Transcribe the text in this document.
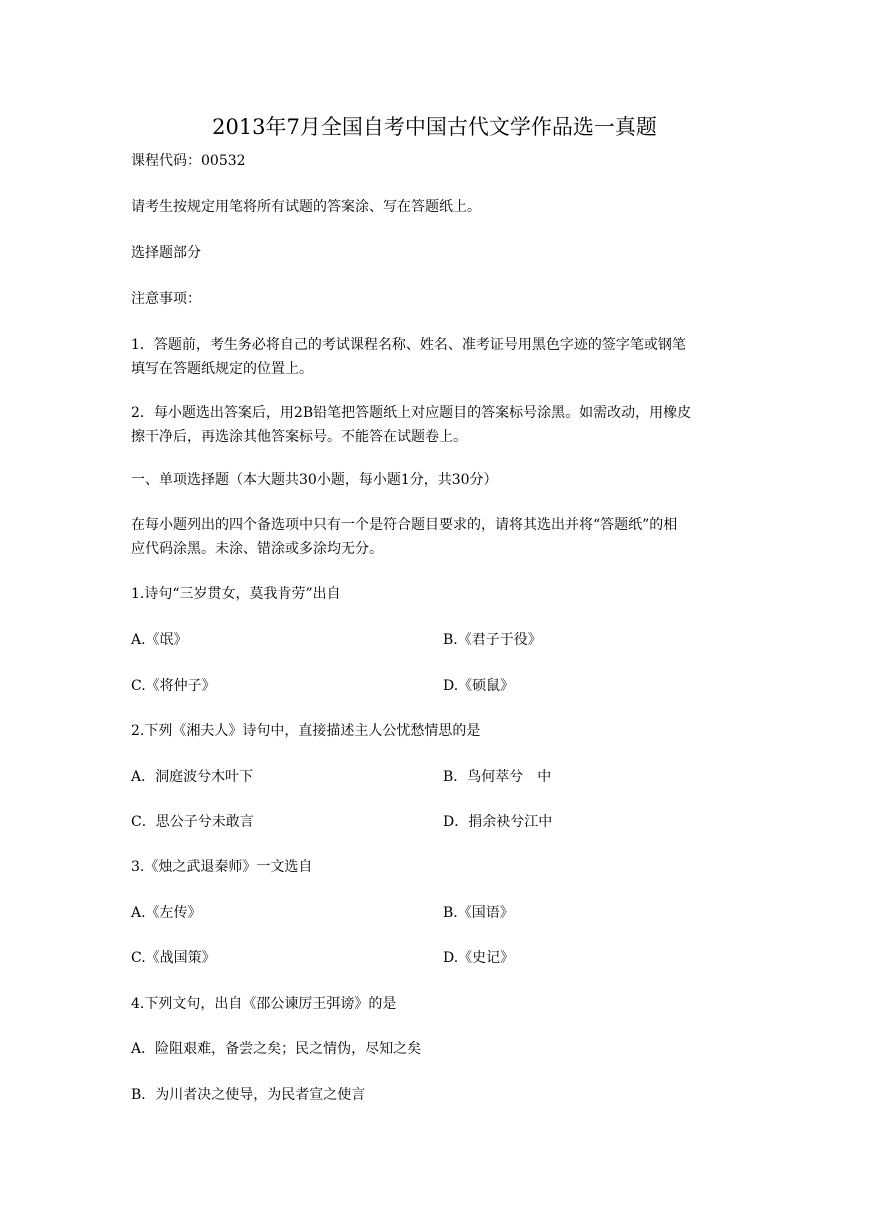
2013年7月全国自考中国古代文学作品选一真题
课程代码：00532
请考生按规定用笔将所有试题的答案涂、写在答题纸上。
选择题部分
注意事项：
1．答题前，考生务必将自己的考试课程名称、姓名、准考证号用黑色字迹的签字笔或钢笔
填写在答题纸规定的位置上。
2．每小题选出答案后，用2B铅笔把答题纸上对应题目的答案标号涂黑。如需改动，用橡皮
擦干净后，再选涂其他答案标号。不能答在试题卷上。
一、单项选择题（本大题共30小题，每小题1分，共30分）
在每小题列出的四个备选项中只有一个是符合题目要求的，请将其选出并将“答题纸”的相
应代码涂黑。未涂、错涂或多涂均无分。
1.诗句“三岁贯女，莫我肯劳”出自
A.《氓》	B.《君子于役》
C.《将仲子》	D.《硕鼠》
2.下列《湘夫人》诗句中，直接描述主人公忧愁情思的是
A．洞庭波兮木叶下	B．鸟何萃兮　中
C．思公子兮未敢言	D．捐余袂兮江中
3.《烛之武退秦师》一文选自
A.《左传》	B.《国语》
C.《战国策》	D.《史记》
4.下列文句，出自《邵公谏厉王弭谤》的是
A．险阻艰难，备尝之矣；民之情伪，尽知之矣
B．为川者决之使导，为民者宣之使言
